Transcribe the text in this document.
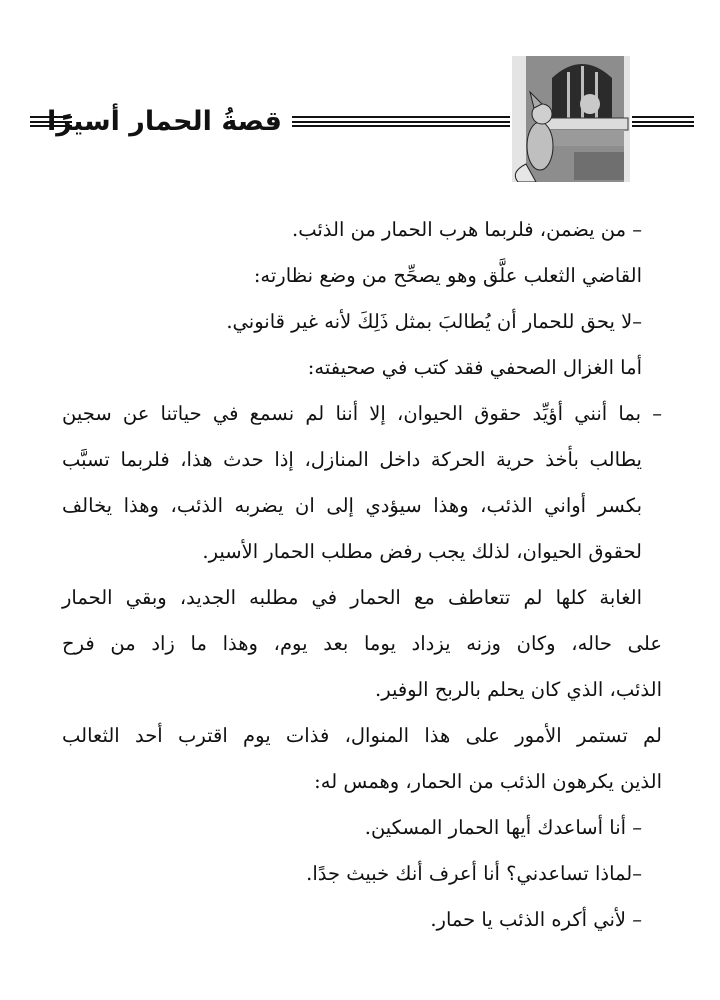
قصةُ الحمار أسيرًا
– من يضمن، فلربما هرب الحمار من الذئب.
القاضي الثعلب علَّق وهو يصحِّح من وضع نظارته:
–لا يحق للحمار أن يُطالبَ بمثل ذَلِكَ لأنه غير قانوني.
أما الغزال الصحفي فقد كتب في صحيفته:
– بما أنني أؤيِّد حقوق الحيوان، إلا أننا لم نسمع في حياتنا عن سجين
يطالب بأخذ حرية الحركة داخل المنازل، إذا حدث هذا، فلربما تسبَّب
بكسر أواني الذئب، وهذا سيؤدي إلى ان يضربه الذئب، وهذا يخالف
لحقوق الحيوان، لذلك يجب رفض مطلب الحمار الأسير.
الغابة كلها لم تتعاطف مع الحمار في مطلبه الجديد، وبقي الحمار
على حاله، وكان وزنه يزداد يوما بعد يوم، وهذا ما زاد من فرح
الذئب، الذي كان يحلم بالربح الوفير.
لم تستمر الأمور على هذا المنوال، فذات يوم اقترب أحد الثعالب
الذين يكرهون الذئب من الحمار، وهمس له:
– أنا أساعدك أيها الحمار المسكين.
–لماذا تساعدني؟ أنا أعرف أنك خبيث جدًا.
– لأني أكره الذئب يا حمار.
